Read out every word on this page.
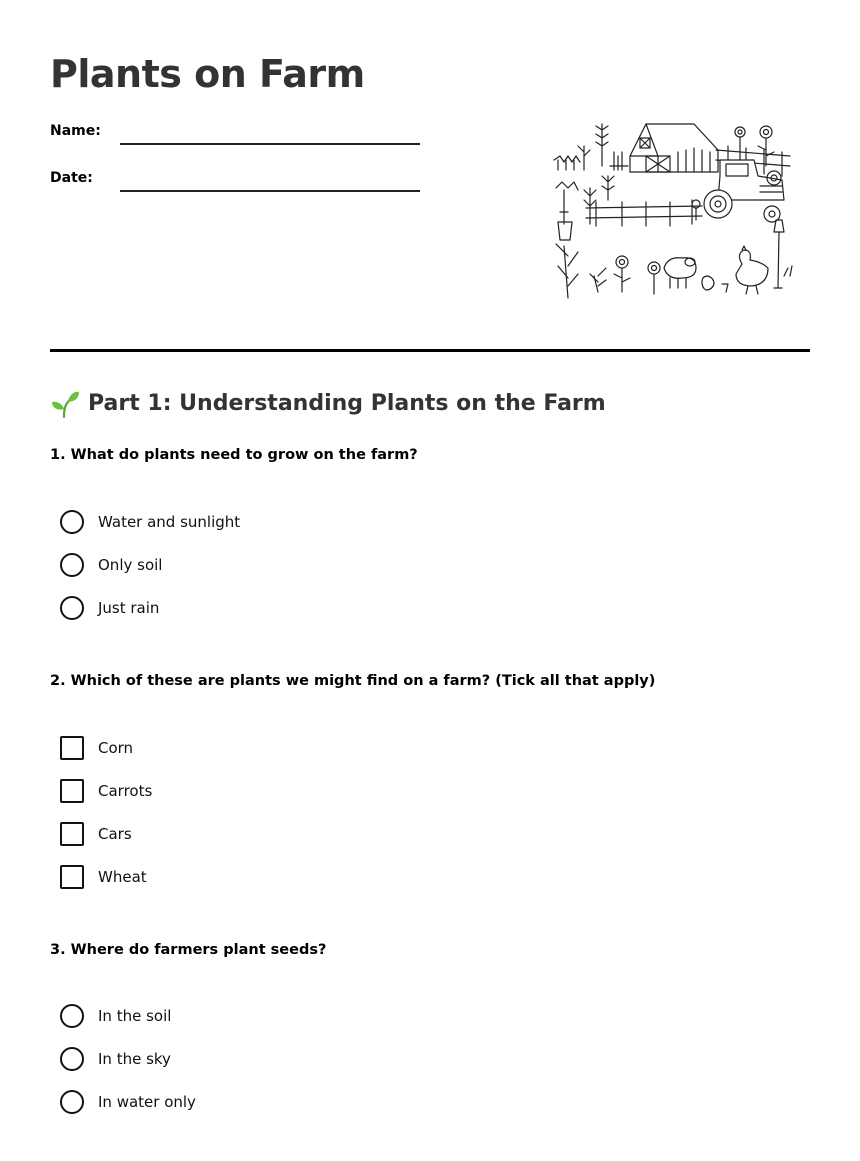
Plants on Farm
Name:
Date:
Part 1: Understanding Plants on the Farm
1. What do plants need to grow on the farm?
Water and sunlight
Only soil
Just rain
2. Which of these are plants we might find on a farm? (Tick all that apply)
Corn
Carrots
Cars
Wheat
3. Where do farmers plant seeds?
In the soil
In the sky
In water only
